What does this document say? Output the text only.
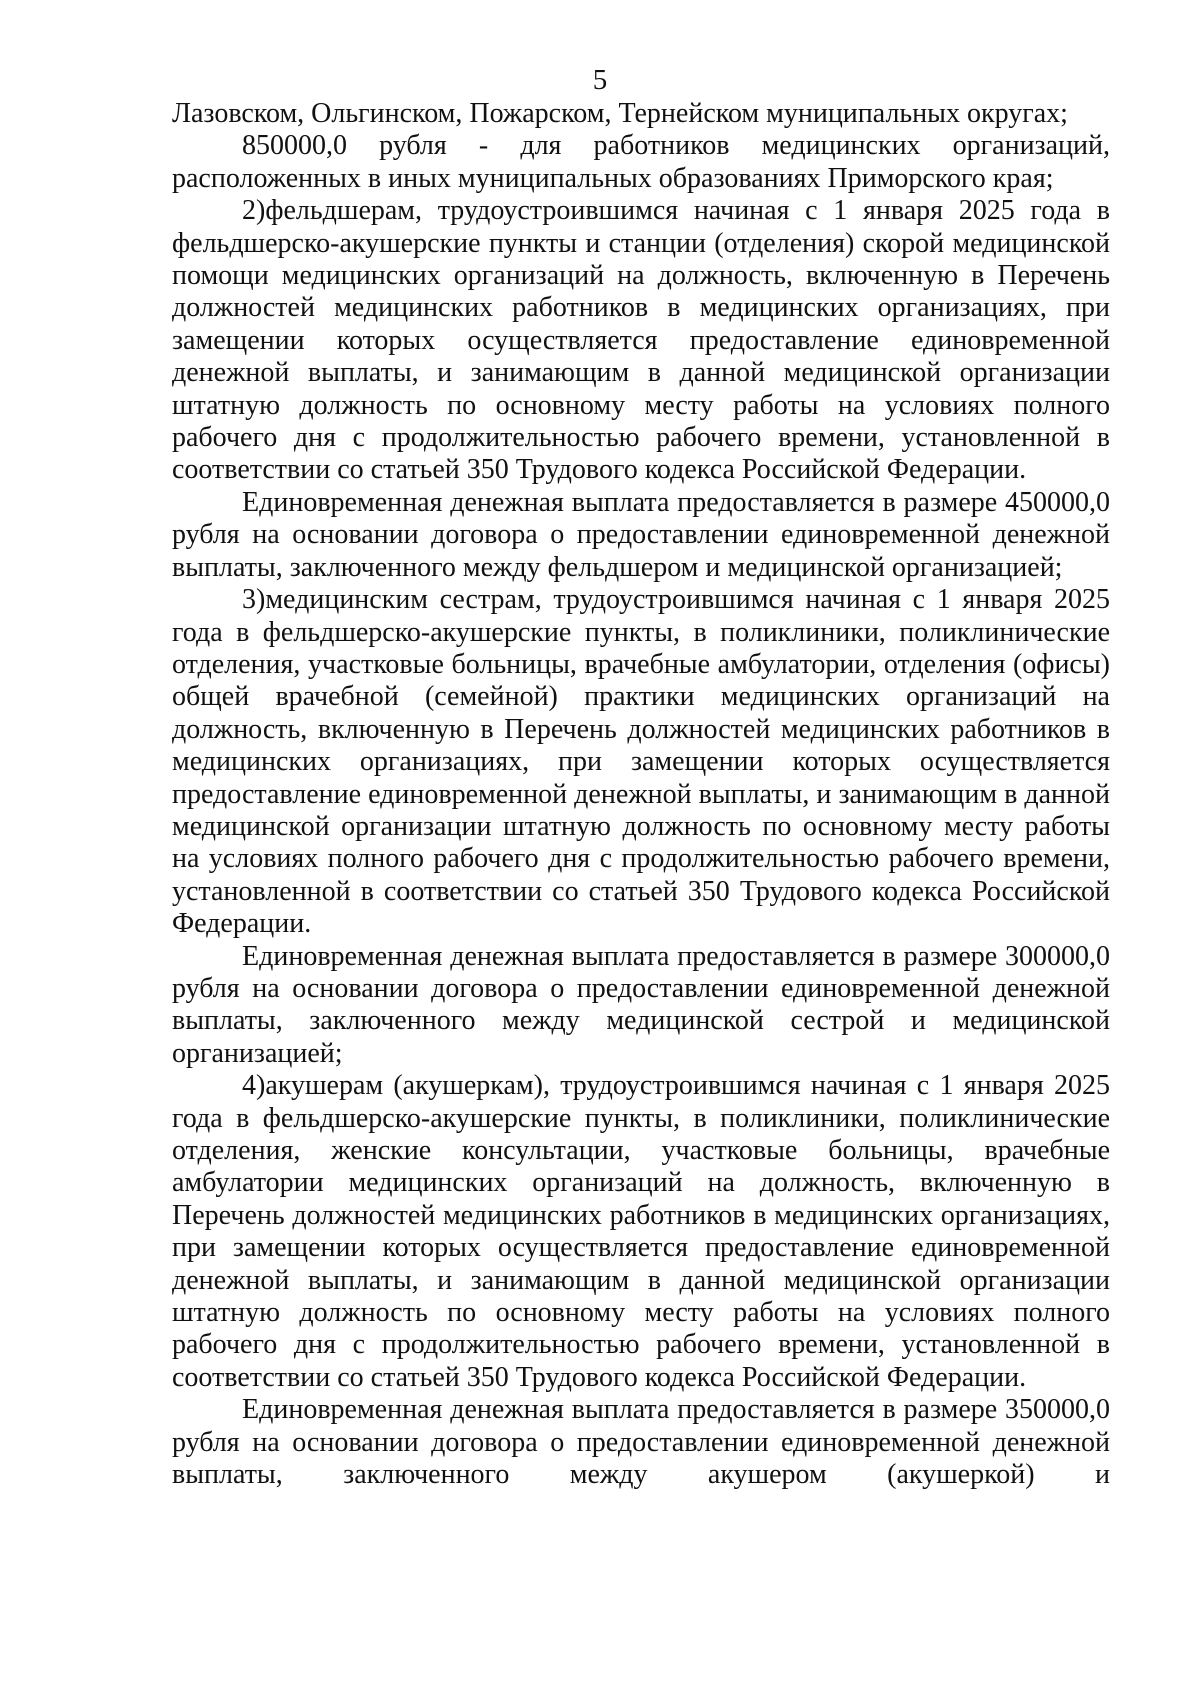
5

Лазовском, Ольгинском, Пожарском, Тернейском муниципальных округах;

850000,0 рубля - для работников медицинских организаций, расположенных в иных муниципальных образованиях Приморского края;

2)фельдшерам, трудоустроившимся начиная с 1 января 2025 года в фельдшерско-акушерские пункты и станции (отделения) скорой медицинской помощи медицинских организаций на должность, включенную в Перечень должностей медицинских работников в медицинских организациях, при замещении которых осуществляется предоставление единовременной денежной выплаты, и занимающим в данной медицинской организации штатную должность по основному месту работы на условиях полного рабочего дня с продолжительностью рабочего времени, установленной в соответствии со статьей 350 Трудового кодекса Российской Федерации.

Единовременная денежная выплата предоставляется в размере 450000,0 рубля на основании договора о предоставлении единовременной денежной выплаты, заключенного между фельдшером и медицинской организацией;

3)медицинским сестрам, трудоустроившимся начиная с 1 января 2025 года в фельдшерско-акушерские пункты, в поликлиники, поликлинические отделения, участковые больницы, врачебные амбулатории, отделения (офисы) общей врачебной (семейной) практики медицинских организаций на должность, включенную в Перечень должностей медицинских работников в медицинских организациях, при замещении которых осуществляется предоставление единовременной денежной выплаты, и занимающим в данной медицинской организации штатную должность по основному месту работы на условиях полного рабочего дня с продолжительностью рабочего времени, установленной в соответствии со статьей 350 Трудового кодекса Российской Федерации.

Единовременная денежная выплата предоставляется в размере 300000,0 рубля на основании договора о предоставлении единовременной денежной выплаты, заключенного между медицинской сестрой и медицинской организацией;

4)акушерам (акушеркам), трудоустроившимся начиная с 1 января 2025 года в фельдшерско-акушерские пункты, в поликлиники, поликлинические отделения, женские консультации, участковые больницы, врачебные амбулатории медицинских организаций на должность, включенную в Перечень должностей медицинских работников в медицинских организациях, при замещении которых осуществляется предоставление единовременной денежной выплаты, и занимающим в данной медицинской организации штатную должность по основному месту работы на условиях полного рабочего дня с продолжительностью рабочего времени, установленной в соответствии со статьей 350 Трудового кодекса Российской Федерации.

Единовременная денежная выплата предоставляется в размере 350000,0 рубля на основании договора о предоставлении единовременной денежной выплаты, заключенного между акушером (акушеркой) и
